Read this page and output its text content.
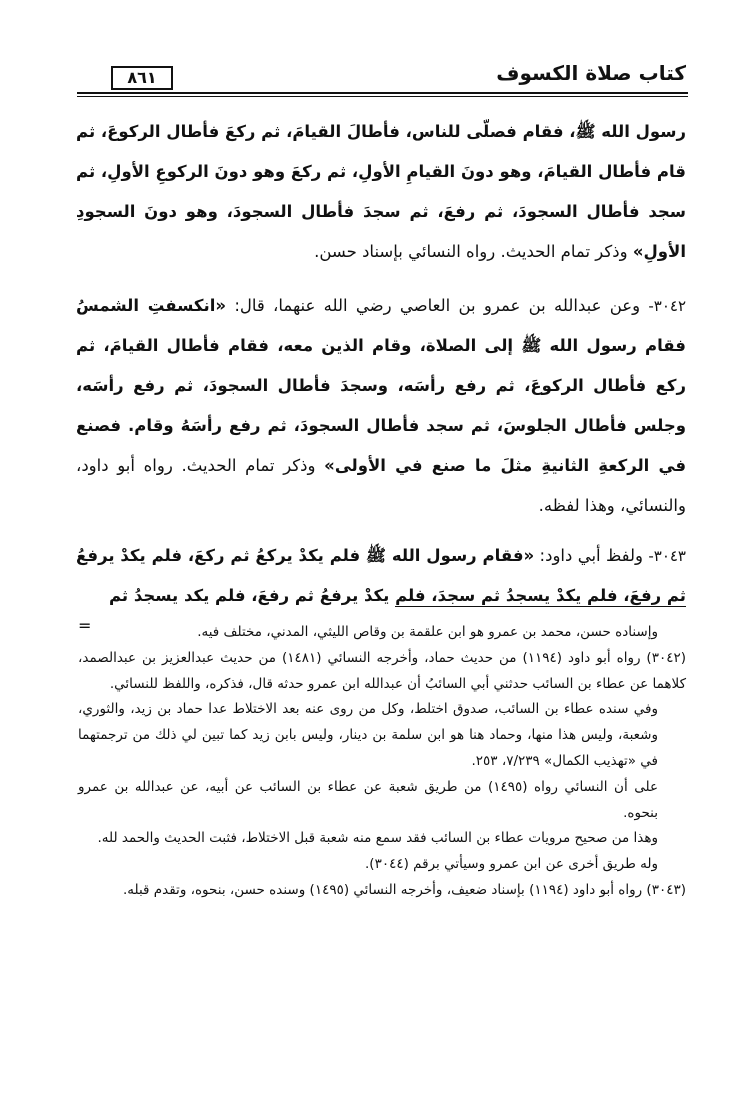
كتاب صلاة الكسوف
٨٦١

رسول الله ﷺ، فقام فصلّى للناس، فأطالَ القيامَ، ثم ركعَ فأطال الركوعَ، ثم قام فأطال القيامَ، وهو دونَ القيامِ الأولِ، ثم ركعَ وهو دونَ الركوعِ الأولِ، ثم سجد فأطال السجودَ، ثم رفعَ، ثم سجدَ فأطال السجودَ، وهو دونَ السجودِ الأولِ» وذكر تمام الحديث. رواه النسائي بإسناد حسن.

٣٠٤٢- وعن عبدالله بن عمرو بن العاصي رضي الله عنهما، قال: «انكسفتِ الشمسُ فقام رسول الله ﷺ إلى الصلاة، وقام الذين معه، فقام فأطال القيامَ، ثم ركع فأطال الركوعَ، ثم رفع رأسَه، وسجدَ فأطال السجودَ، ثم رفع رأسَه، وجلس فأطال الجلوسَ، ثم سجد فأطال السجودَ، ثم رفع رأسَهُ وقام. فصنع في الركعةِ الثانيةِ مثلَ ما صنع في الأولى» وذكر تمام الحديث. رواه أبو داود، والنسائي، وهذا لفظه.

٣٠٤٣- ولفظ أبي داود: «فقام رسول الله ﷺ فلم يكدْ يركعُ ثم ركعَ، فلم يكدْ يرفعُ ثم رفعَ، فلم يكدْ يسجدُ ثم سجدَ، فلم يكدْ يرفعُ ثم رفعَ، فلم يكد يسجدُ ثم

=	وإسناده حسن، محمد بن عمرو هو ابن علقمة بن وقاص الليثي، المدني، مختلف فيه.

(٣٠٤٢) رواه أبو داود (١١٩٤) من حديث حماد، وأخرجه النسائي (١٤٨١) من حديث عبدالعزيز بن عبدالصمد، كلاهما عن عطاء بن السائب حدثني أبي السائبُ أن عبدالله ابن عمرو حدثه قال، فذكره، واللفظ للنسائي.

وفي سنده عطاء بن السائب، صدوق اختلط، وكل من روى عنه بعد الاختلاط عدا حماد بن زيد، والثوري، وشعبة، وليس هذا منها، وحماد هنا هو ابن سلمة بن دينار، وليس بابن زيد كما تبين لي ذلك من ترجمتهما في «تهذيب الكمال» ٧/٢٣٩، ٢٥٣.

على أن النسائي رواه (١٤٩٥) من طريق شعبة عن عطاء بن السائب عن أبيه، عن عبدالله بن عمرو بنحوه.

وهذا من صحيح مرويات عطاء بن السائب فقد سمع منه شعبة قبل الاختلاط، فثبت الحديث والحمد لله.

وله طريق أخرى عن ابن عمرو وسيأتي برقم (٣٠٤٤).

(٣٠٤٣) رواه أبو داود (١١٩٤) بإسناد ضعيف، وأخرجه النسائي (١٤٩٥) وسنده حسن، بنحوه، وتقدم قبله.
